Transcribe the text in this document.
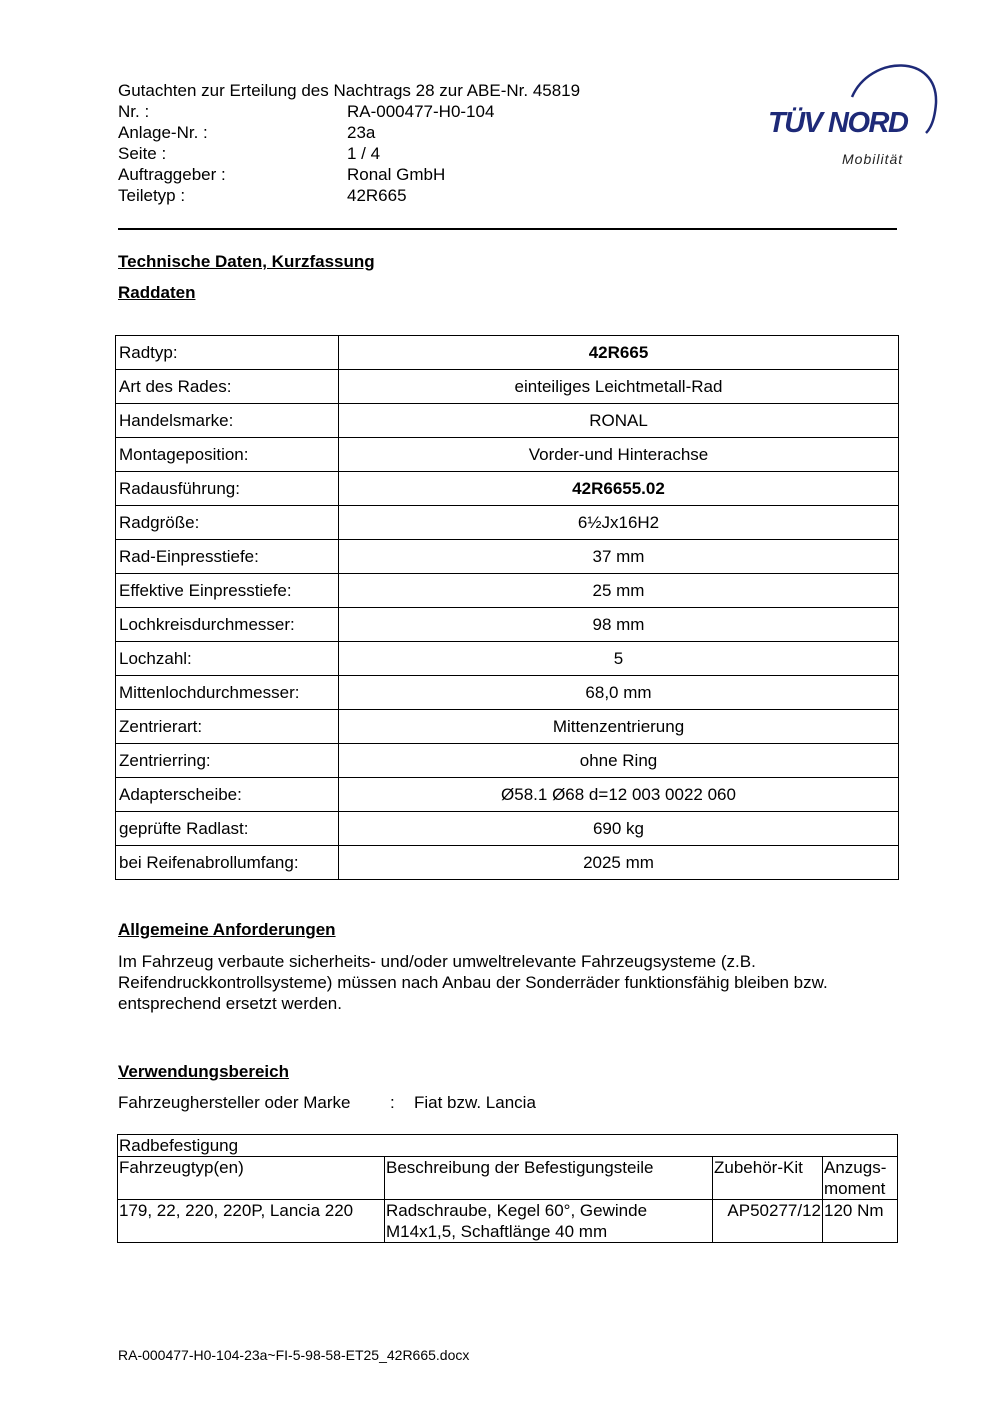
Gutachten zur Erteilung des Nachtrags 28 zur ABE-Nr. 45819
Nr. :	RA-000477-H0-104
Anlage-Nr. :	23a
Seite :	1 / 4
Auftraggeber :	Ronal GmbH
Teiletyp :	42R665
TÜV NORD
Mobilität
Technische Daten, Kurzfassung
Raddaten
Radtyp:	42R665
Art des Rades:	einteiliges Leichtmetall-Rad
Handelsmarke:	RONAL
Montageposition:	Vorder-und Hinterachse
Radausführung:	42R6655.02
Radgröße:	6½Jx16H2
Rad-Einpresstiefe:	37 mm
Effektive Einpresstiefe:	25 mm
Lochkreisdurchmesser:	98 mm
Lochzahl:	5
Mittenlochdurchmesser:	68,0 mm
Zentrierart:	Mittenzentrierung
Zentrierring:	ohne Ring
Adapterscheibe:	Ø58.1 Ø68 d=12 003 0022 060
geprüfte Radlast:	690 kg
bei Reifenabrollumfang:	2025 mm
Allgemeine Anforderungen
Im Fahrzeug verbaute sicherheits- und/oder umweltrelevante Fahrzeugsysteme (z.B. Reifendruckkontrollsysteme) müssen nach Anbau der Sonderräder funktionsfähig bleiben bzw. entsprechend ersetzt werden.
Verwendungsbereich
Fahrzeughersteller oder Marke : Fiat bzw. Lancia
Radbefestigung			
Fahrzeugtyp(en)	Beschreibung der Befestigungsteile	Zubehör-Kit	Anzugs-
moment

179, 22, 220, 220P, Lancia 220	Radschraube, Kegel 60°, Gewinde
M14x1,5, Schaftlänge 40 mm	AP50277/12	120 Nm
RA-000477-H0-104-23a~FI-5-98-58-ET25_42R665.docx
